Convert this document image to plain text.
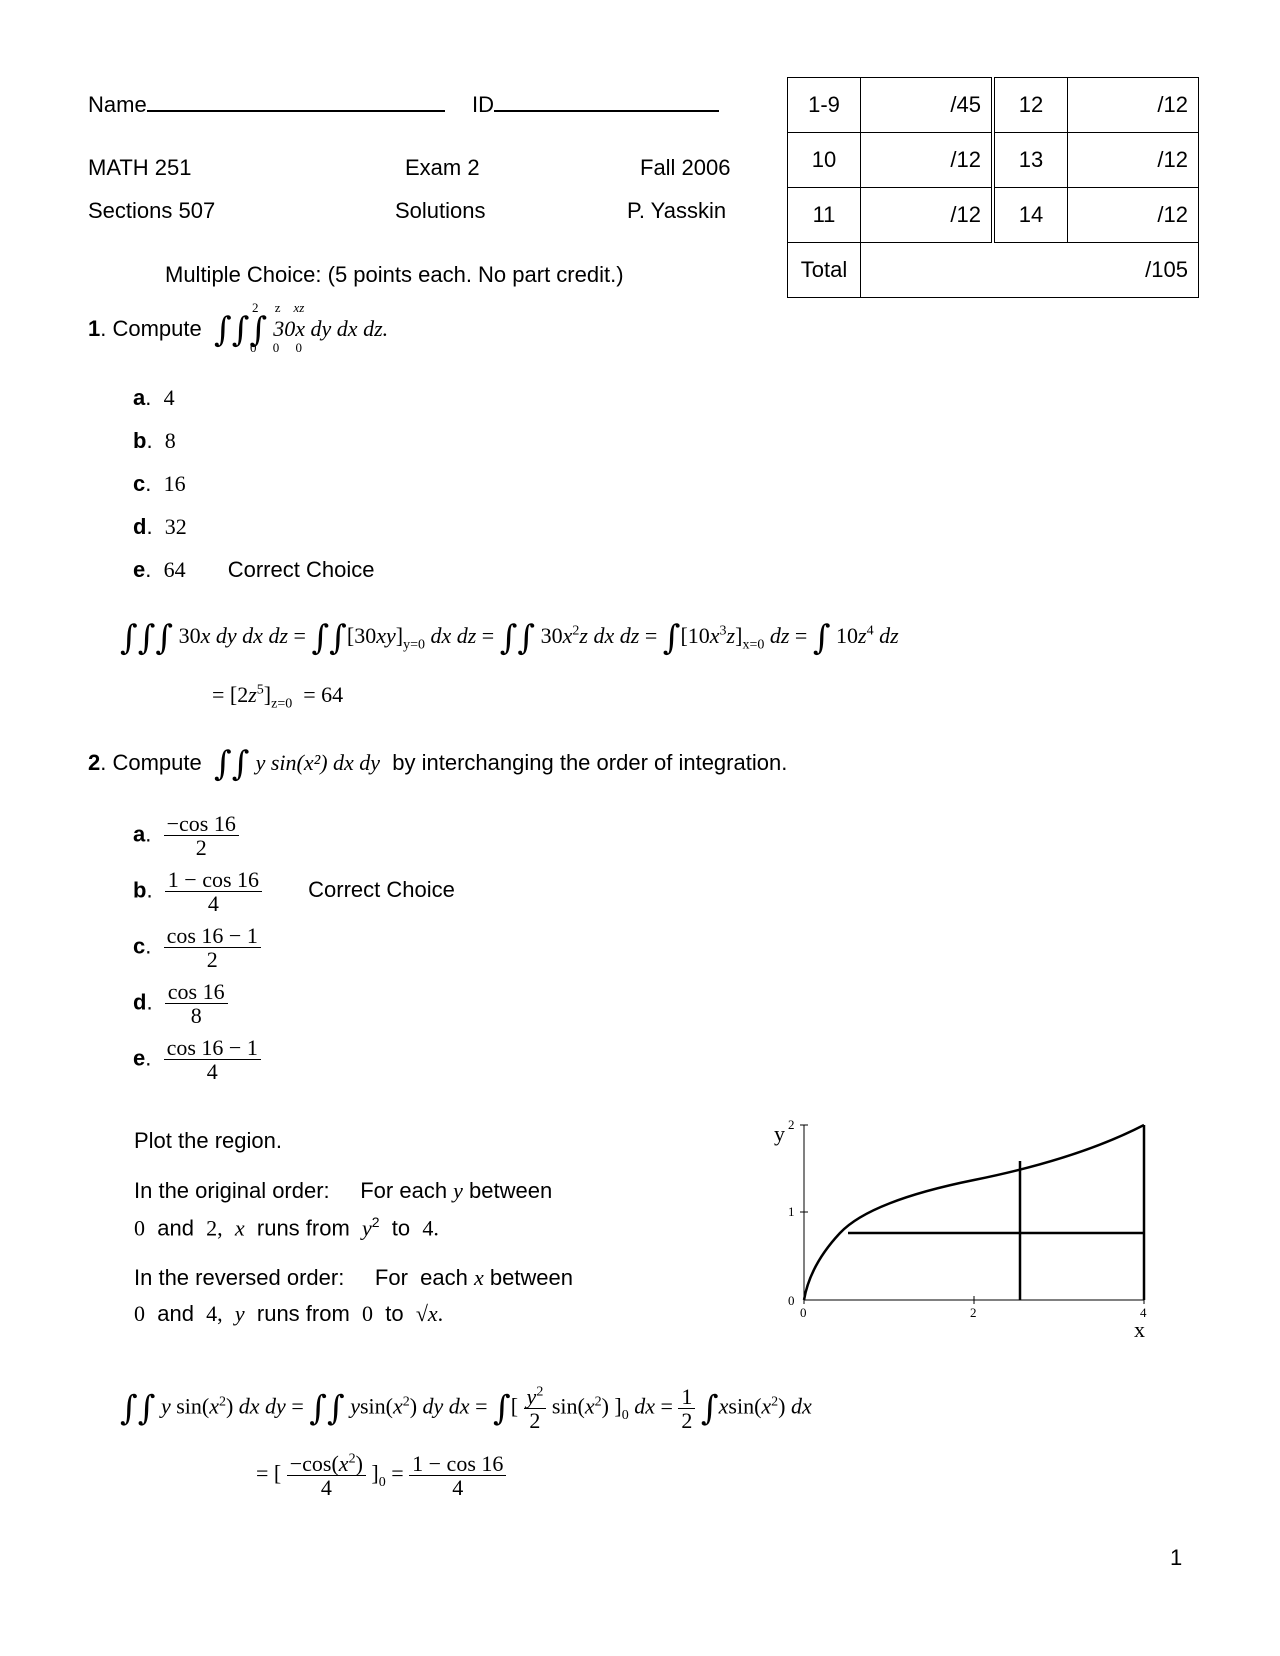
Name	ID
MATH 251	Exam 2	Fall 2006
Sections 507	Solutions	P. Yasskin
1-9	/45	12	/12
10	/12	13	/12
11	/12	14	/12
Total	/105		
Multiple Choice: (5 points each. No part credit.)
1. Compute ∫∫∫ 30x dy dx dz.
2     z    xz
0     0     0
a.  4
b.  8
c.  16
d.  32
e.  64 Correct Choice
∫∫∫ 30x dy dx dz = $\int\int[30xy]_{y=0}$ dx dz = ∫∫ $30x^2z$ dx dz = $\int[10x^3z]_{x=0}$ dz = ∫ $10z^4$ dz
= $[2z^5]_{z=0} = 64$
2. Compute ∫∫ y sin(x²) dx dy by interchanging the order of integration.
a. $\frac{-\cos 16}{2}$
b. $\frac{1 - \cos 16}{4}$ Correct Choice
c. $\frac{\cos 16 - 1}{2}$
d. $\frac{\cos 16}{8}$
e. $\frac{\cos 16 - 1}{4}$
Plot the region.
In the original order:     For each y between
0  and  2, x  runs from  $y^2$  to  4.
In the reversed order:     For  each x between
0  and  4, y  runs from  0  to  √x.
0
1
2
0	2	4
y
x
∫∫ y $\sin(x^2)$ dx dy = ∫∫ $ysin(x^2)$ dy dx = ∫[ $\frac{y^2}{2} \sin(x^2)$ ]$_0$ dx = $\frac{1}{2} \int xsin(x^2)$ dx
= [ $\frac{-\cos(x^2)}{4} ]_0 = \frac{1 - \cos 16}{4}$
1
